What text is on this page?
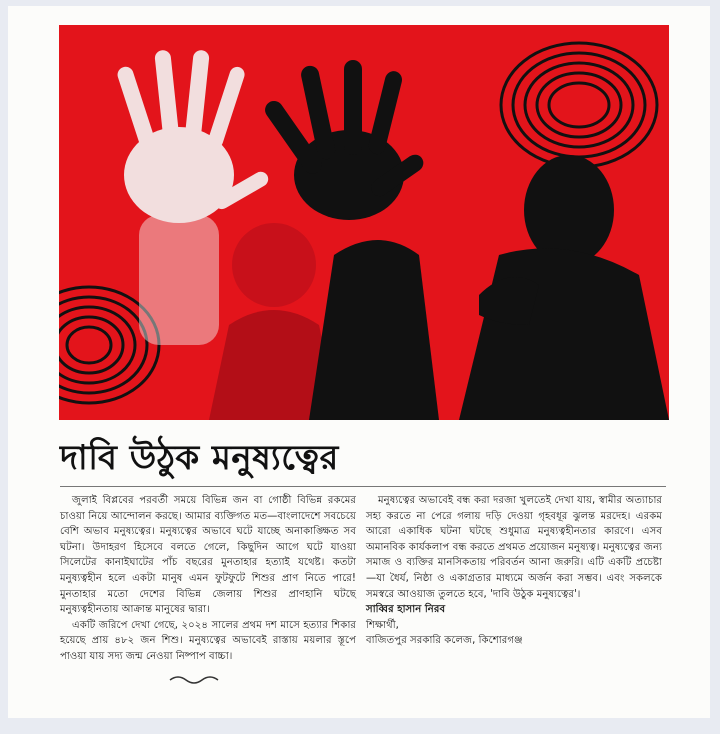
দাবি উঠুক মনুষ্যত্বের

জুলাই বিপ্লবের পরবর্তী সময়ে বিভিন্ন জন বা গোষ্ঠী বিভিন্ন রকমের চাওয়া নিয়ে আন্দোলন করছে। আমার ব্যক্তিগত মত—বাংলাদেশে সবচেয়ে বেশি অভাব মনুষ্যত্বের। মনুষ্যত্বের অভাবে ঘটে যাচ্ছে অনাকাঙ্ক্ষিত সব ঘটনা। উদাহরণ হিসেবে বলতে গেলে, কিছুদিন আগে ঘটে যাওয়া সিলেটের কানাইঘাটের পাঁচ বছরের মুনতাহার হত্যাই যথেষ্ট। কতটা মনুষ্যত্বহীন হলে একটা মানুষ এমন ফুটফুটে শিশুর প্রাণ নিতে পারে! মুনতাহার মতো দেশের বিভিন্ন জেলায় শিশুর প্রাণহানি ঘটছে মনুষ্যত্বহীনতায় আক্রান্ত মানুষের দ্বারা।

একটি জরিপে দেখা গেছে, ২০২৪ সালের প্রথম দশ মাসে হত্যার শিকার হয়েছে প্রায় ৪৮২ জন শিশু। মনুষ্যত্বের অভাবেই রাস্তায় ময়লার স্তূপে পাওয়া যায় সদ্য জন্ম নেওয়া নিষ্পাপ বাচ্চা।

মনুষ্যত্বের অভাবেই বন্ধ করা দরজা খুলতেই দেখা যায়, স্বামীর অত্যাচার সহ্য করতে না পেরে গলায় দড়ি দেওয়া গৃহবধূর ঝুলন্ত মরদেহ। এরকম আরো একাধিক ঘটনা ঘটছে শুধুমাত্র মনুষ্যত্বহীনতার কারণে। এসব অমানবিক কার্যকলাপ বন্ধ করতে প্রথমত প্রয়োজন মনুষ্যত্ব। মনুষ্যত্বের জন্য সমাজ ও ব্যক্তির মানসিকতায় পরিবর্তন আনা জরুরি। এটি একটি প্রচেষ্টা—যা ধৈর্য, নিষ্ঠা ও একাগ্রতার মাধ্যমে অর্জন করা সম্ভব। এবং সকলকে সমস্বরে আওয়াজ তুলতে হবে, 'দাবি উঠুক মনুষ্যত্বের'।

সাব্বির হাসান নিরব
শিক্ষার্থী,
বাজিতপুর সরকারি কলেজ, কিশোরগঞ্জ
